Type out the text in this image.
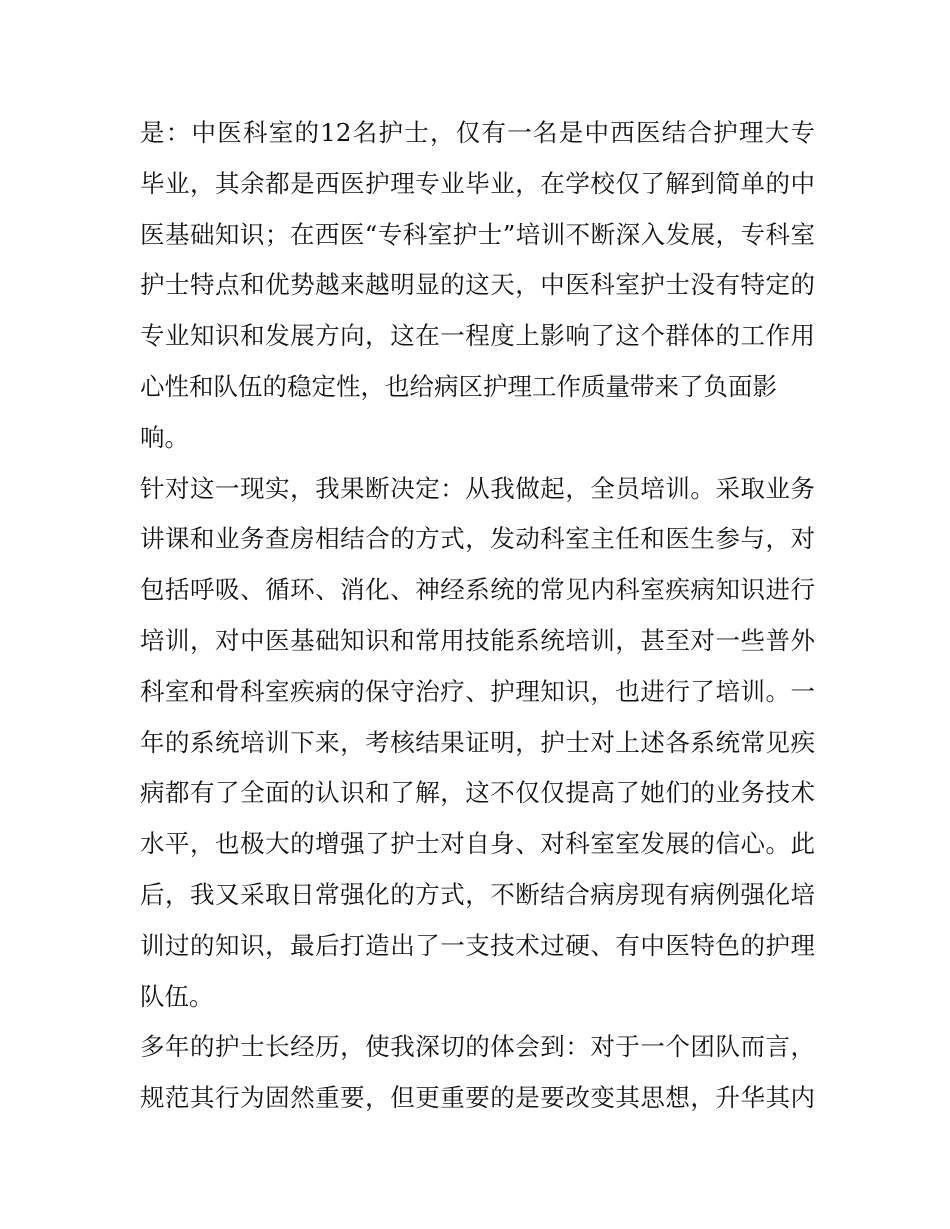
是：中医科室的12名护士，仅有一名是中西医结合护理大专
毕业，其余都是西医护理专业毕业，在学校仅了解到简单的中
医基础知识；在西医“专科室护士”培训不断深入发展，专科室
护士特点和优势越来越明显的这天，中医科室护士没有特定的
专业知识和发展方向，这在一程度上影响了这个群体的工作用
心性和队伍的稳定性，也给病区护理工作质量带来了负面影
响。
针对这一现实，我果断决定：从我做起，全员培训。采取业务
讲课和业务查房相结合的方式，发动科室主任和医生参与，对
包括呼吸、循环、消化、神经系统的常见内科室疾病知识进行
培训，对中医基础知识和常用技能系统培训，甚至对一些普外
科室和骨科室疾病的保守治疗、护理知识，也进行了培训。一
年的系统培训下来，考核结果证明，护士对上述各系统常见疾
病都有了全面的认识和了解，这不仅仅提高了她们的业务技术
水平，也极大的增强了护士对自身、对科室室发展的信心。此
后，我又采取日常强化的方式，不断结合病房现有病例强化培
训过的知识，最后打造出了一支技术过硬、有中医特色的护理
队伍。
多年的护士长经历，使我深切的体会到：对于一个团队而言，
规范其行为固然重要，但更重要的是要改变其思想，升华其内
